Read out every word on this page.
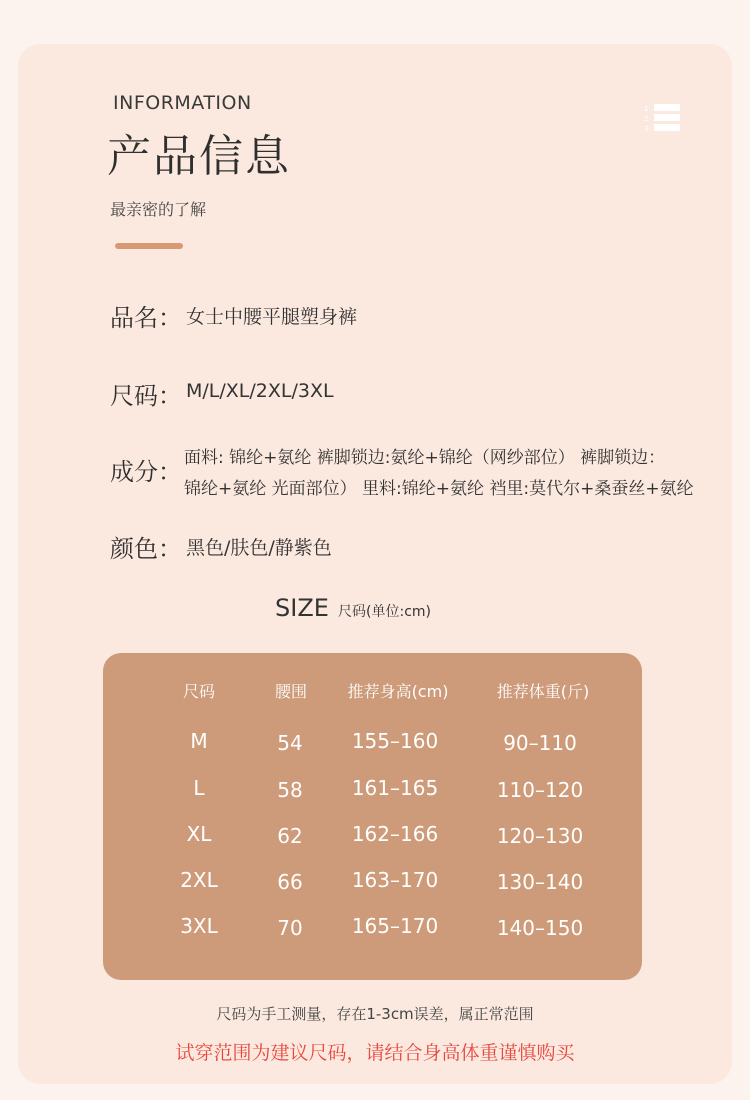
INFORMATION
产品信息
最亲密的了解
1
2
3
品名： 女士中腰平腿塑身裤
尺码： M/L/XL/2XL/3XL
成分： 面料: 锦纶+氨纶 裤脚锁边:氨纶+锦纶（网纱部位） 裤脚锁边：
锦纶+氨纶 光面部位） 里料:锦纶+氨纶 裆里:莫代尔+桑蚕丝+氨纶
颜色： 黑色/肤色/静紫色
SIZE 尺码(单位:cm)
尺码	腰围	推荐身高(cm)	推荐体重(斤)
M	54 155–160	90–110
L	58 161–165	110–120
XL	62 162–166	120–130
2XL	66 163–170	130–140
3XL	70 165–170	140–150
尺码为手工测量，存在1-3cm误差，属正常范围
试穿范围为建议尺码，请结合身高体重谨慎购买
